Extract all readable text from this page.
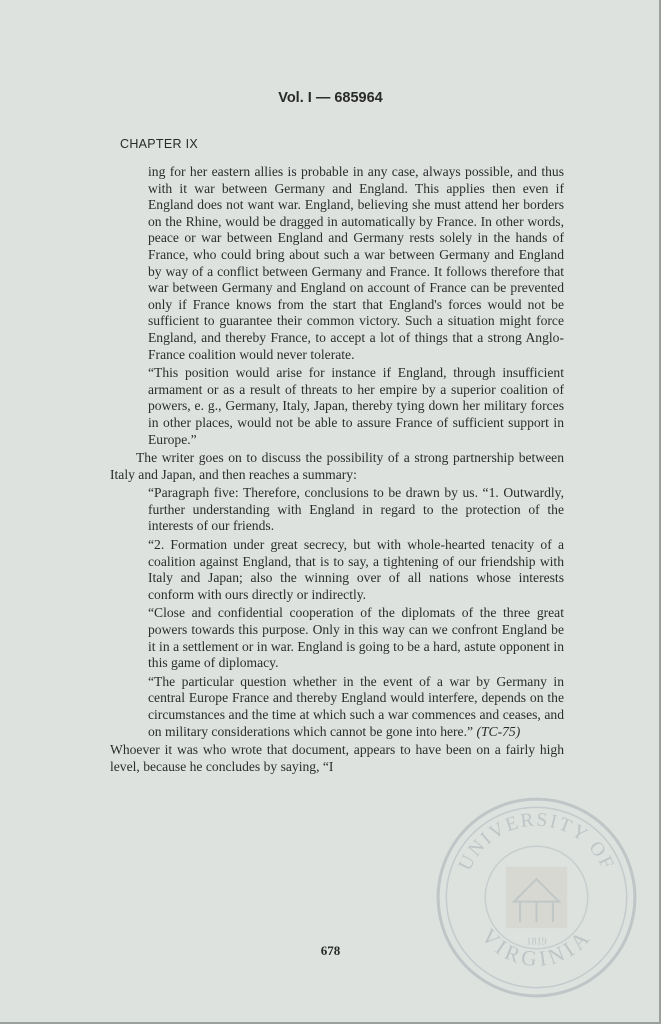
Vol. I — 685964
CHAPTER IX

ing for her eastern allies is probable in any case, always possible, and thus with it war between Germany and England. This applies then even if England does not want war. England, believing she must attend her borders on the Rhine, would be dragged in automatically by France. In other words, peace or war between England and Germany rests solely in the hands of France, who could bring about such a war between Germany and England by way of a conflict between Germany and France. It follows therefore that war between Germany and England on account of France can be prevented only if France knows from the start that England's forces would not be sufficient to guarantee their common victory. Such a situation might force England, and thereby France, to accept a lot of things that a strong Anglo-France coalition would never tolerate.

“This position would arise for instance if England, through insufficient armament or as a result of threats to her empire by a superior coalition of powers, e. g., Germany, Italy, Japan, thereby tying down her military forces in other places, would not be able to assure France of sufficient support in Europe.”

The writer goes on to discuss the possibility of a strong partnership between Italy and Japan, and then reaches a summary:

“Paragraph five: Therefore, conclusions to be drawn by us. “1. Outwardly, further understanding with England in regard to the protection of the interests of our friends.

“2. Formation under great secrecy, but with whole-hearted tenacity of a coalition against England, that is to say, a tightening of our friendship with Italy and Japan; also the winning over of all nations whose interests conform with ours directly or indirectly.

“Close and confidential cooperation of the diplomats of the three great powers towards this purpose. Only in this way can we confront England be it in a settlement or in war. England is going to be a hard, astute opponent in this game of diplomacy.

“The particular question whether in the event of a war by Germany in central Europe France and thereby England would interfere, depends on the circumstances and the time at which such a war commences and ceases, and on military considerations which cannot be gone into here.” (TC-75)

Whoever it was who wrote that document, appears to have been on a fairly high level, because he concludes by saying, “I

678
UNIVERSITY OF
VIRGINIA
1819
